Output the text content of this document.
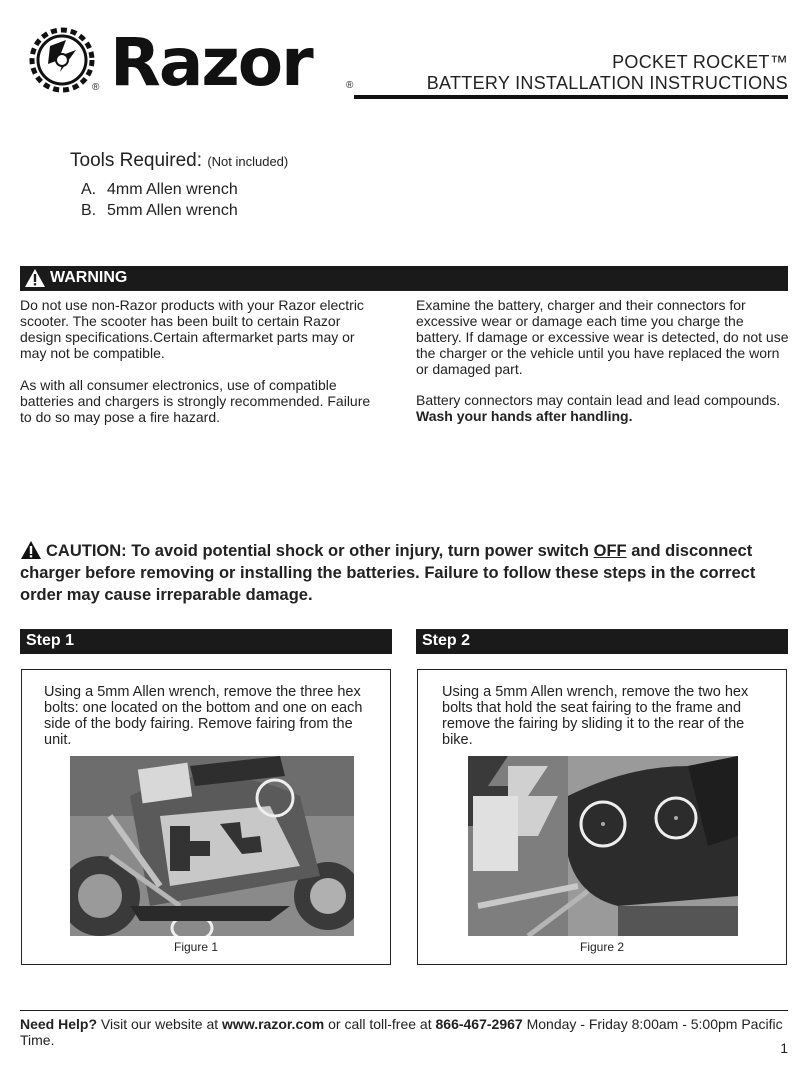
Razor
®	®
POCKET ROCKET™
BATTERY INSTALLATION INSTRUCTIONS
Tools Required: (Not included)
A. 4mm Allen wrench
B. 5mm Allen wrench
WARNING
Do not use non-Razor products with your Razor electric scooter. The scooter has been built to certain Razor design specifications.Certain aftermarket parts may or may not be compatible.
As with all consumer electronics, use of compatible batteries and chargers is strongly recommended. Failure to do so may pose a fire hazard.
Examine the battery, charger and their connectors for excessive wear or damage each time you charge the battery. If damage or excessive wear is detected, do not use the charger or the vehicle until you have replaced the worn or damaged part.
Battery connectors may contain lead and lead compounds. Wash your hands after handling.
CAUTION: To avoid potential shock or other injury, turn power switch OFF and disconnect charger before removing or installing the batteries. Failure to follow these steps in the correct order may cause irreparable damage.
Step 1
Using a 5mm Allen wrench, remove the three hex bolts: one located on the bottom and one on each side of the body fairing. Remove fairing from the unit.
Figure 1
Step 2
Using a 5mm Allen wrench, remove the two hex bolts that hold the seat fairing to the frame and remove the fairing by sliding it to the rear of the bike.
Figure 2
Need Help? Visit our website at www.razor.com or call toll-free at 866-467-2967 Monday - Friday 8:00am - 5:00pm Pacific Time.	1
